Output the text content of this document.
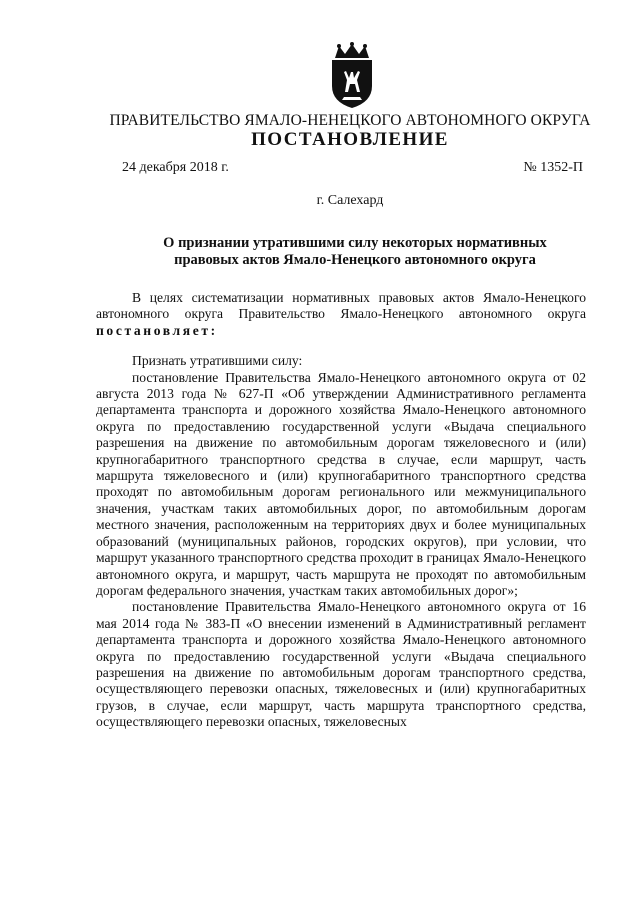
ПРАВИТЕЛЬСТВО ЯМАЛО-НЕНЕЦКОГО АВТОНОМНОГО ОКРУГА
ПОСТАНОВЛЕНИЕ
24 декабря 2018 г.	№ 1352-П
г. Салехард
О признании утратившими силу некоторых нормативных
правовых актов Ямало-Ненецкого автономного округа

В целях систематизации нормативных правовых актов Ямало-Ненецкого автономного округа Правительство Ямало-Ненецкого автономного округа постановляет:

Признать утратившими силу:

постановление Правительства Ямало-Ненецкого автономного округа от 02 августа 2013 года № 627-П «Об утверждении Административного регламента департамента транспорта и дорожного хозяйства Ямало-Ненецкого автономного округа по предоставлению государственной услуги «Выдача специального разрешения на движение по автомобильным дорогам тяжеловесного и (или) крупногабаритного транспортного средства в случае, если маршрут, часть маршрута тяжеловесного и (или) крупногабаритного транспортного средства проходят по автомобильным дорогам регионального или межмуниципального значения, участкам таких автомобильных дорог, по автомобильным дорогам местного значения, расположенным на территориях двух и более муниципальных образований (муниципальных районов, городских округов), при условии, что маршрут указанного транспортного средства проходит в границах Ямало-Ненецкого автономного округа, и маршрут, часть маршрута не проходят по автомобильным дорогам федерального значения, участкам таких автомобильных дорог»;

постановление Правительства Ямало-Ненецкого автономного округа от 16 мая 2014 года № 383-П «О внесении изменений в Административный регламент департамента транспорта и дорожного хозяйства Ямало-Ненецкого автономного округа по предоставлению государственной услуги «Выдача специального разрешения на движение по автомобильным дорогам транспортного средства, осуществляющего перевозки опасных, тяжеловесных и (или) крупногабаритных грузов, в случае, если маршрут, часть маршрута транспортного средства, осуществляющего перевозки опасных, тяжеловесных
